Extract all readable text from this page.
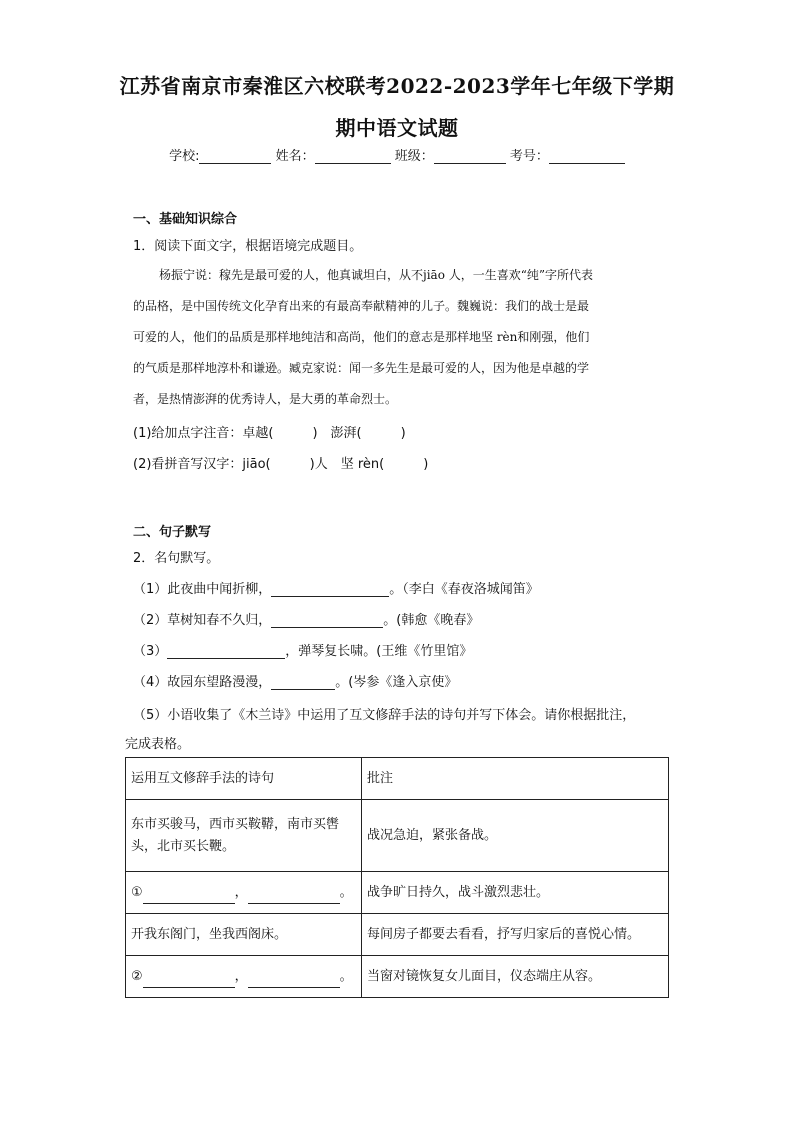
江苏省南京市秦淮区六校联考2022-2023学年七年级下学期
期中语文试题
学校:	姓名：	班级：	考号：
一、基础知识综合
1．阅读下面文字，根据语境完成题目。
杨振宁说：稼先是最可爱的人，他真诚坦白，从不jiāo 人，一生喜欢“纯”字所代表
的品格，是中国传统文化孕育出来的有最高奉献精神的儿子。魏巍说：我们的战士是最
可爱的人，他们的品质是那样地纯洁和高尚，他们的意志是那样地坚 rèn和刚强，他们
的气质是那样地淳朴和谦逊。臧克家说：闻一多先生是最可爱的人，因为他是卓越的学
者，是热情澎湃的优秀诗人，是大勇的革命烈士。
(1)给加点字注音：卓越(　　　)　澎湃(　　　)
(2)看拼音写汉字：jiāo(　　　)人　坚 rèn(　　　)
二、句子默写
2．名句默写。
（1）此夜曲中闻折柳，	。（李白《春夜洛城闻笛》
（2）草树知春不久归，	。(韩愈《晚春》
（3）	，弹琴复长啸。(王维《竹里馆》
（4）故园东望路漫漫，	。(岑参《逢入京使》
（5）小语收集了《木兰诗》中运用了互文修辞手法的诗句并写下体会。请你根据批注，
完成表格。
运用互文修辞手法的诗句	批注
东市买骏马，西市买鞍鞯，南市买辔头，北市买长鞭。	战况急迫，紧张备战。
① ， 。	战争旷日持久，战斗激烈悲壮。
开我东阁门，坐我西阁床。	每间房子都要去看看，抒写归家后的喜悦心情。
② ， 。	当窗对镜恢复女儿面目，仪态端庄从容。
